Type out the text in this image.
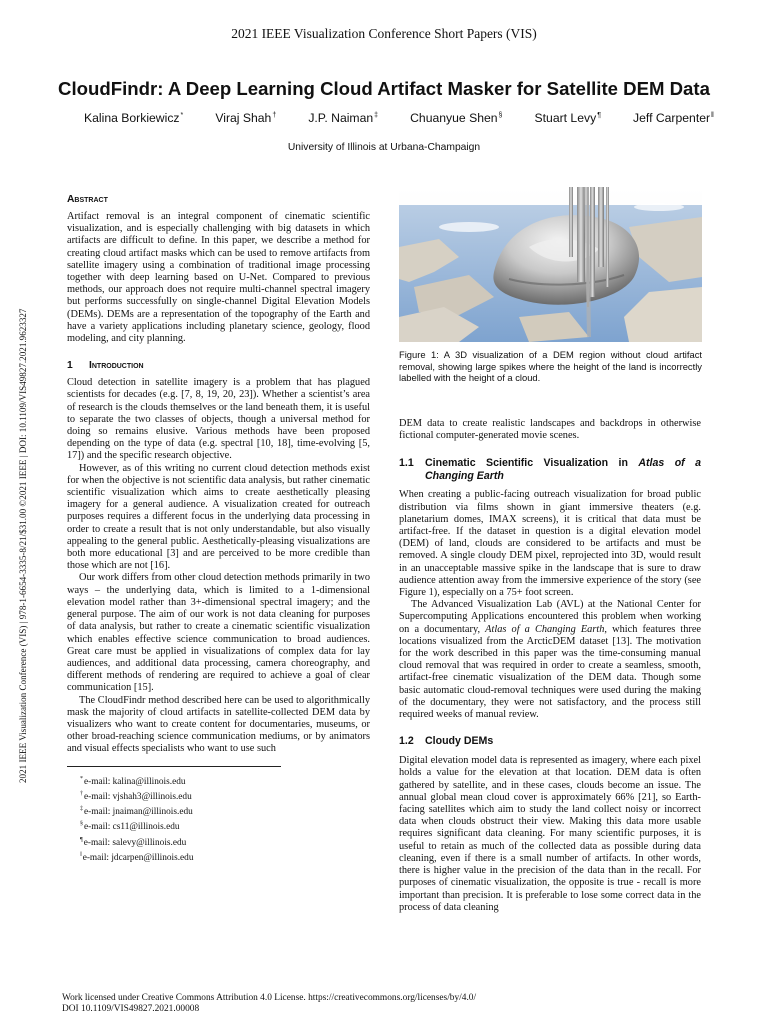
2021 IEEE Visualization Conference Short Papers (VIS)
CloudFindr: A Deep Learning Cloud Artifact Masker for Satellite DEM Data
Kalina Borkiewicz*	Viraj Shah†	J.P. Naiman‡	Chuanyue Shen§	Stuart Levy¶	Jeff Carpenter‖
University of Illinois at Urbana-Champaign
2021 IEEE Visualization Conference (VIS) | 978-1-6654-3335-8/21/$31.00 ©2021 IEEE | DOI: 10.1109/VIS49827.2021.9623327
Abstract

Artifact removal is an integral component of cinematic scientific visualization, and is especially challenging with big datasets in which artifacts are difficult to define. In this paper, we describe a method for creating cloud artifact masks which can be used to remove artifacts from satellite imagery using a combination of traditional image processing together with deep learning based on U-Net. Compared to previous methods, our approach does not require multi-channel spectral imagery but performs successfully on single-channel Digital Elevation Models (DEMs). DEMs are a representation of the topography of the Earth and have a variety applications including planetary science, geology, flood modeling, and city planning.

1 Introduction

Cloud detection in satellite imagery is a problem that has plagued scientists for decades (e.g. [7, 8, 19, 20, 23]). Whether a scientist’s area of research is the clouds themselves or the land beneath them, it is useful to separate the two classes of objects, though a universal method for doing so remains elusive. Various methods have been proposed depending on the type of data (e.g. spectral [10, 18], time-evolving [5, 17]) and the specific research objective.

However, as of this writing no current cloud detection methods exist for when the objective is not scientific data analysis, but rather cinematic scientific visualization which aims to create aesthetically pleasing imagery for a general audience. A visualization created for outreach purposes requires a different focus in the underlying data processing in order to create a result that is not only understandable, but also visually appealing to the general public. Aesthetically-pleasing visualizations are both more educational [3] and are perceived to be more credible than those which are not [16].

Our work differs from other cloud detection methods primarily in two ways – the underlying data, which is limited to a 1-dimensional elevation model rather than 3+-dimensional spectral imagery; and the general purpose. The aim of our work is not data cleaning for purposes of data analysis, but rather to create a cinematic scientific visualization which enables effective science communication to broad audiences. Great care must be applied in visualizations of complex data for lay audiences, and additional data processing, camera choreography, and different methods of rendering are required to achieve a goal of clear communication [15].

The CloudFindr method described here can be used to algorithmically mask the majority of cloud artifacts in satellite-collected DEM data by visualizers who want to create content for documentaries, museums, or other broad-reaching science communication mediums, or by animators and visual effects specialists who want to use such

*e-mail: kalina@illinois.edu
†e-mail: vjshah3@illinois.edu
‡e-mail: jnaiman@illinois.edu
§e-mail: cs11@illinois.edu
¶e-mail: salevy@illinois.edu
‖e-mail: jdcarpen@illinois.edu
Figure 1: A 3D visualization of a DEM region without cloud artifact removal, showing large spikes where the height of the land is incorrectly labelled with the height of a cloud.

DEM data to create realistic landscapes and backdrops in otherwise fictional computer-generated movie scenes.

1.1	Cinematic Scientific Visualization in Atlas of a Changing Earth

When creating a public-facing outreach visualization for broad public distribution via films shown in giant immersive theaters (e.g. planetarium domes, IMAX screens), it is critical that data must be artifact-free. If the dataset in question is a digital elevation model (DEM) of land, clouds are considered to be artifacts and must be removed. A single cloudy DEM pixel, reprojected into 3D, would result in an unacceptable massive spike in the landscape that is sure to draw audience attention away from the immersive experience of the story (see Figure 1), especially on a 75+ foot screen.

The Advanced Visualization Lab (AVL) at the National Center for Supercomputing Applications encountered this problem when working on a documentary, Atlas of a Changing Earth, which features three locations visualized from the ArcticDEM dataset [13]. The motivation for the work described in this paper was the time-consuming manual cloud removal that was required in order to create a seamless, smooth, artifact-free cinematic visualization of the DEM data. Though some basic automatic cloud-removal techniques were used during the making of the documentary, they were not satisfactory, and the process still required weeks of manual review.

1.2	Cloudy DEMs

Digital elevation model data is represented as imagery, where each pixel holds a value for the elevation at that location. DEM data is often gathered by satellite, and in these cases, clouds become an issue. The annual global mean cloud cover is approximately 66% [21], so Earth-facing satellites which aim to study the land collect noisy or incorrect data when clouds obstruct their view. Making this data more usable requires significant data cleaning. For many scientific purposes, it is useful to retain as much of the collected data as possible during data cleaning, even if there is a small number of artifacts. In other words, there is higher value in the precision of the data than in the recall. For purposes of cinematic visualization, the opposite is true - recall is more important than precision. It is preferable to lose some correct data in the process of data cleaning

Work licensed under Creative Commons Attribution 4.0 License. https://creativecommons.org/licenses/by/4.0/
DOI 10.1109/VIS49827.2021.00008
